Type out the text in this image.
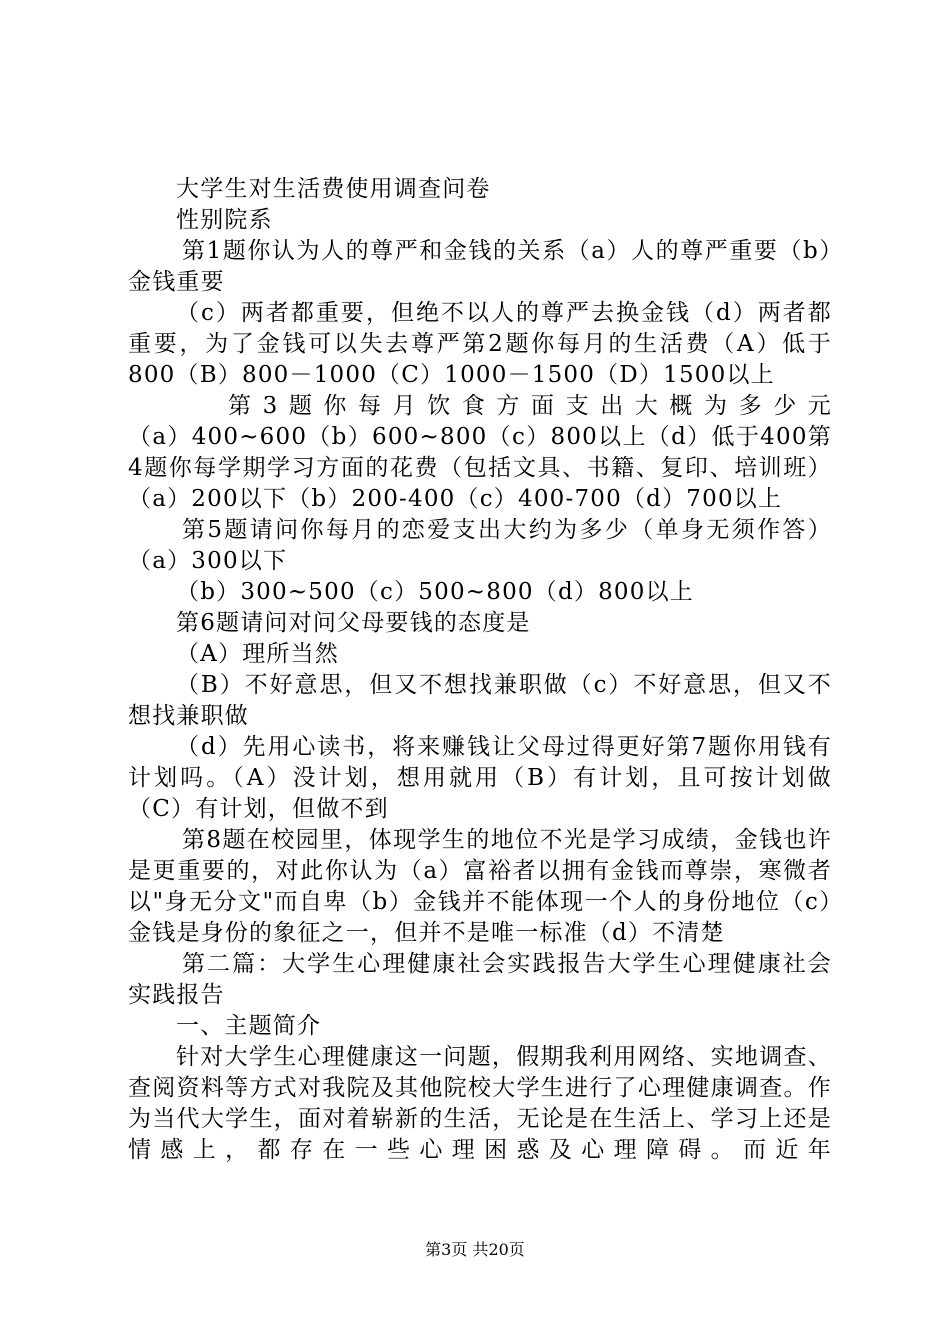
大学生对生活费使用调查问卷

性别院系

第1题你认为人的尊严和金钱的关系（a）人的尊严重要（b）金钱重要

（c）两者都重要，但绝不以人的尊严去换金钱（d）两者都重要，为了金钱可以失去尊严第2题你每月的生活费（A）低于800（B）800－1000（C）1000－1500（D）1500以上

第3题你每月饮食方面支出大概为多少元

（a）400~600（b）600~800（c）800以上（d）低于400第4题你每学期学习方面的花费（包括文具、书籍、复印、培训班）（a）200以下（b）200-400（c）400-700（d）700以上

第5题请问你每月的恋爱支出大约为多少（单身无须作答）（a）300以下

（b）300~500（c）500~800（d）800以上

第6题请问对问父母要钱的态度是

（A）理所当然

（B）不好意思，但又不想找兼职做（c）不好意思，但又不想找兼职做

（d）先用心读书，将来赚钱让父母过得更好第7题你用钱有计划吗。（A）没计划，想用就用（B）有计划，且可按计划做（C）有计划，但做不到

第8题在校园里，体现学生的地位不光是学习成绩，金钱也许是更重要的，对此你认为（a）富裕者以拥有金钱而尊崇，寒微者以"身无分文"而自卑（b）金钱并不能体现一个人的身份地位（c）金钱是身份的象征之一，但并不是唯一标准（d）不清楚

第二篇：大学生心理健康社会实践报告大学生心理健康社会实践报告

一、主题简介

针对大学生心理健康这一问题，假期我利用网络、实地调查、查阅资料等方式对我院及其他院校大学生进行了心理健康调查。作为当代大学生，面对着崭新的生活，无论是在生活上、学习上还是情感上，都存在一些心理困惑及心理障碍。而近年

第3页 共20页
